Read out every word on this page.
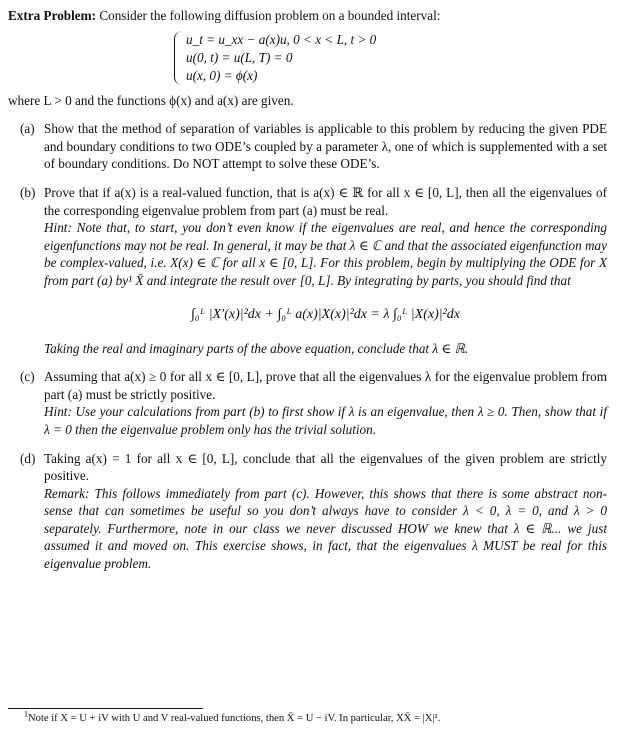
Extra Problem: Consider the following diffusion problem on a bounded interval:

u_t = u_xx − a(x)u, 0 < x < L, t > 0
u(0, t) = u(L, T) = 0
u(x, 0) = ϕ(x)

where L > 0 and the functions ϕ(x) and a(x) are given.

(a) Show that the method of separation of variables is applicable to this problem by reducing the given PDE and boundary conditions to two ODE’s coupled by a parameter λ, one of which is supplemented with a set of boundary conditions. Do NOT attempt to solve these ODE’s.
(b) Prove that if a(x) is a real-valued function, that is a(x) ∈ ℝ for all x ∈ [0, L], then all the eigenvalues of the corresponding eigenvalue problem from part (a) must be real.
Hint: Note that, to start, you don’t even know if the eigenvalues are real, and hence the corresponding eigenfunctions may not be real. In general, it may be that λ ∈ ℂ and that the associated eigenfunction may be complex-valued, i.e. X(x) ∈ ℂ for all x ∈ [0, L]. For this problem, begin by multiplying the ODE for X from part (a) by¹ X̄ and integrate the result over [0, L]. By integrating by parts, you should find that
∫₀ᴸ |X′(x)|²dx + ∫₀ᴸ a(x)|X(x)|²dx = λ ∫₀ᴸ |X(x)|²dx
Taking the real and imaginary parts of the above equation, conclude that λ ∈ ℝ.
(c) Assuming that a(x) ≥ 0 for all x ∈ [0, L], prove that all the eigenvalues λ for the eigenvalue problem from part (a) must be strictly positive.
Hint: Use your calculations from part (b) to first show if λ is an eigenvalue, then λ ≥ 0. Then, show that if λ = 0 then the eigenvalue problem only has the trivial solution.
(d) Taking a(x) = 1 for all x ∈ [0, L], conclude that all the eigenvalues of the given problem are strictly positive.
Remark: This follows immediately from part (c). However, this shows that there is some abstract non-sense that can sometimes be useful so you don’t always have to consider λ < 0, λ = 0, and λ > 0 separately. Furthermore, note in our class we never discussed HOW we knew that λ ∈ ℝ... we just assumed it and moved on. This exercise shows, in fact, that the eigenvalues λ MUST be real for this eigenvalue problem.
$^1$Note if X = U + iV with U and V real-valued functions, then X̄ = U − iV. In particular, XX̄ = |X|².
